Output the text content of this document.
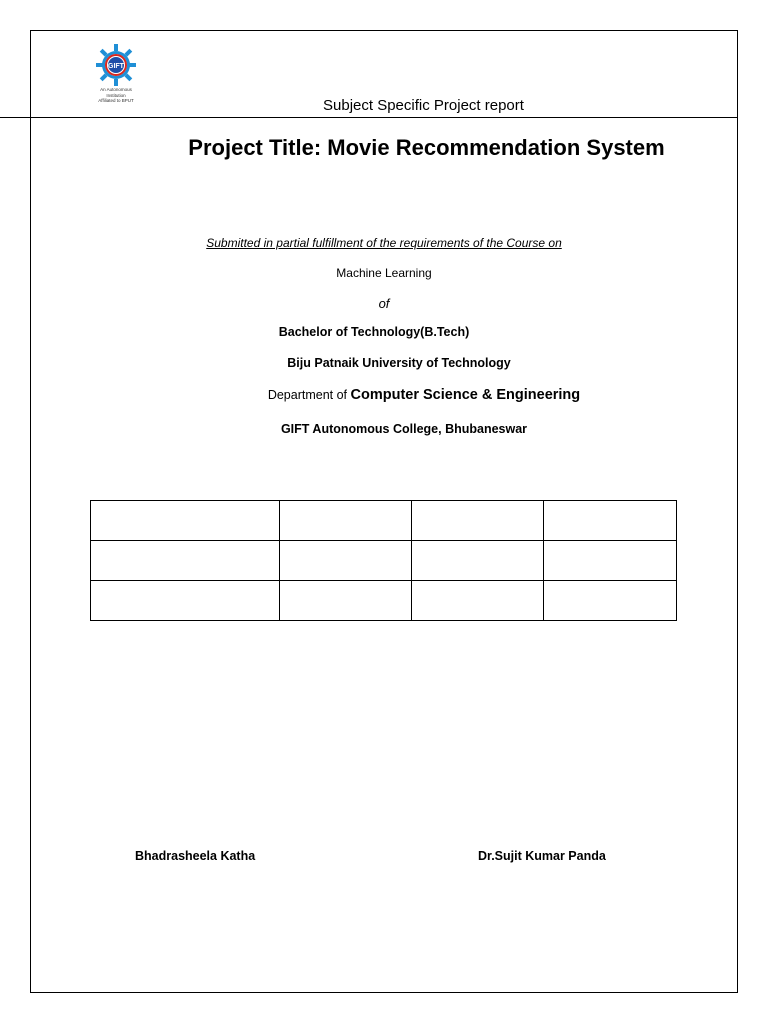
GIFT
An Autonomous
Institution
Affiliated to BPUT	Subject Specific Project report
Project Title: Movie Recommendation System
Submitted in partial fulfillment of the requirements of the Course on
Machine Learning
of
Bachelor of Technology(B.Tech)
Biju Patnaik University of Technology
Department of Computer Science & Engineering
GIFT Autonomous College, Bhubaneswar

Bhadrasheela Katha	Dr.Sujit Kumar Panda
